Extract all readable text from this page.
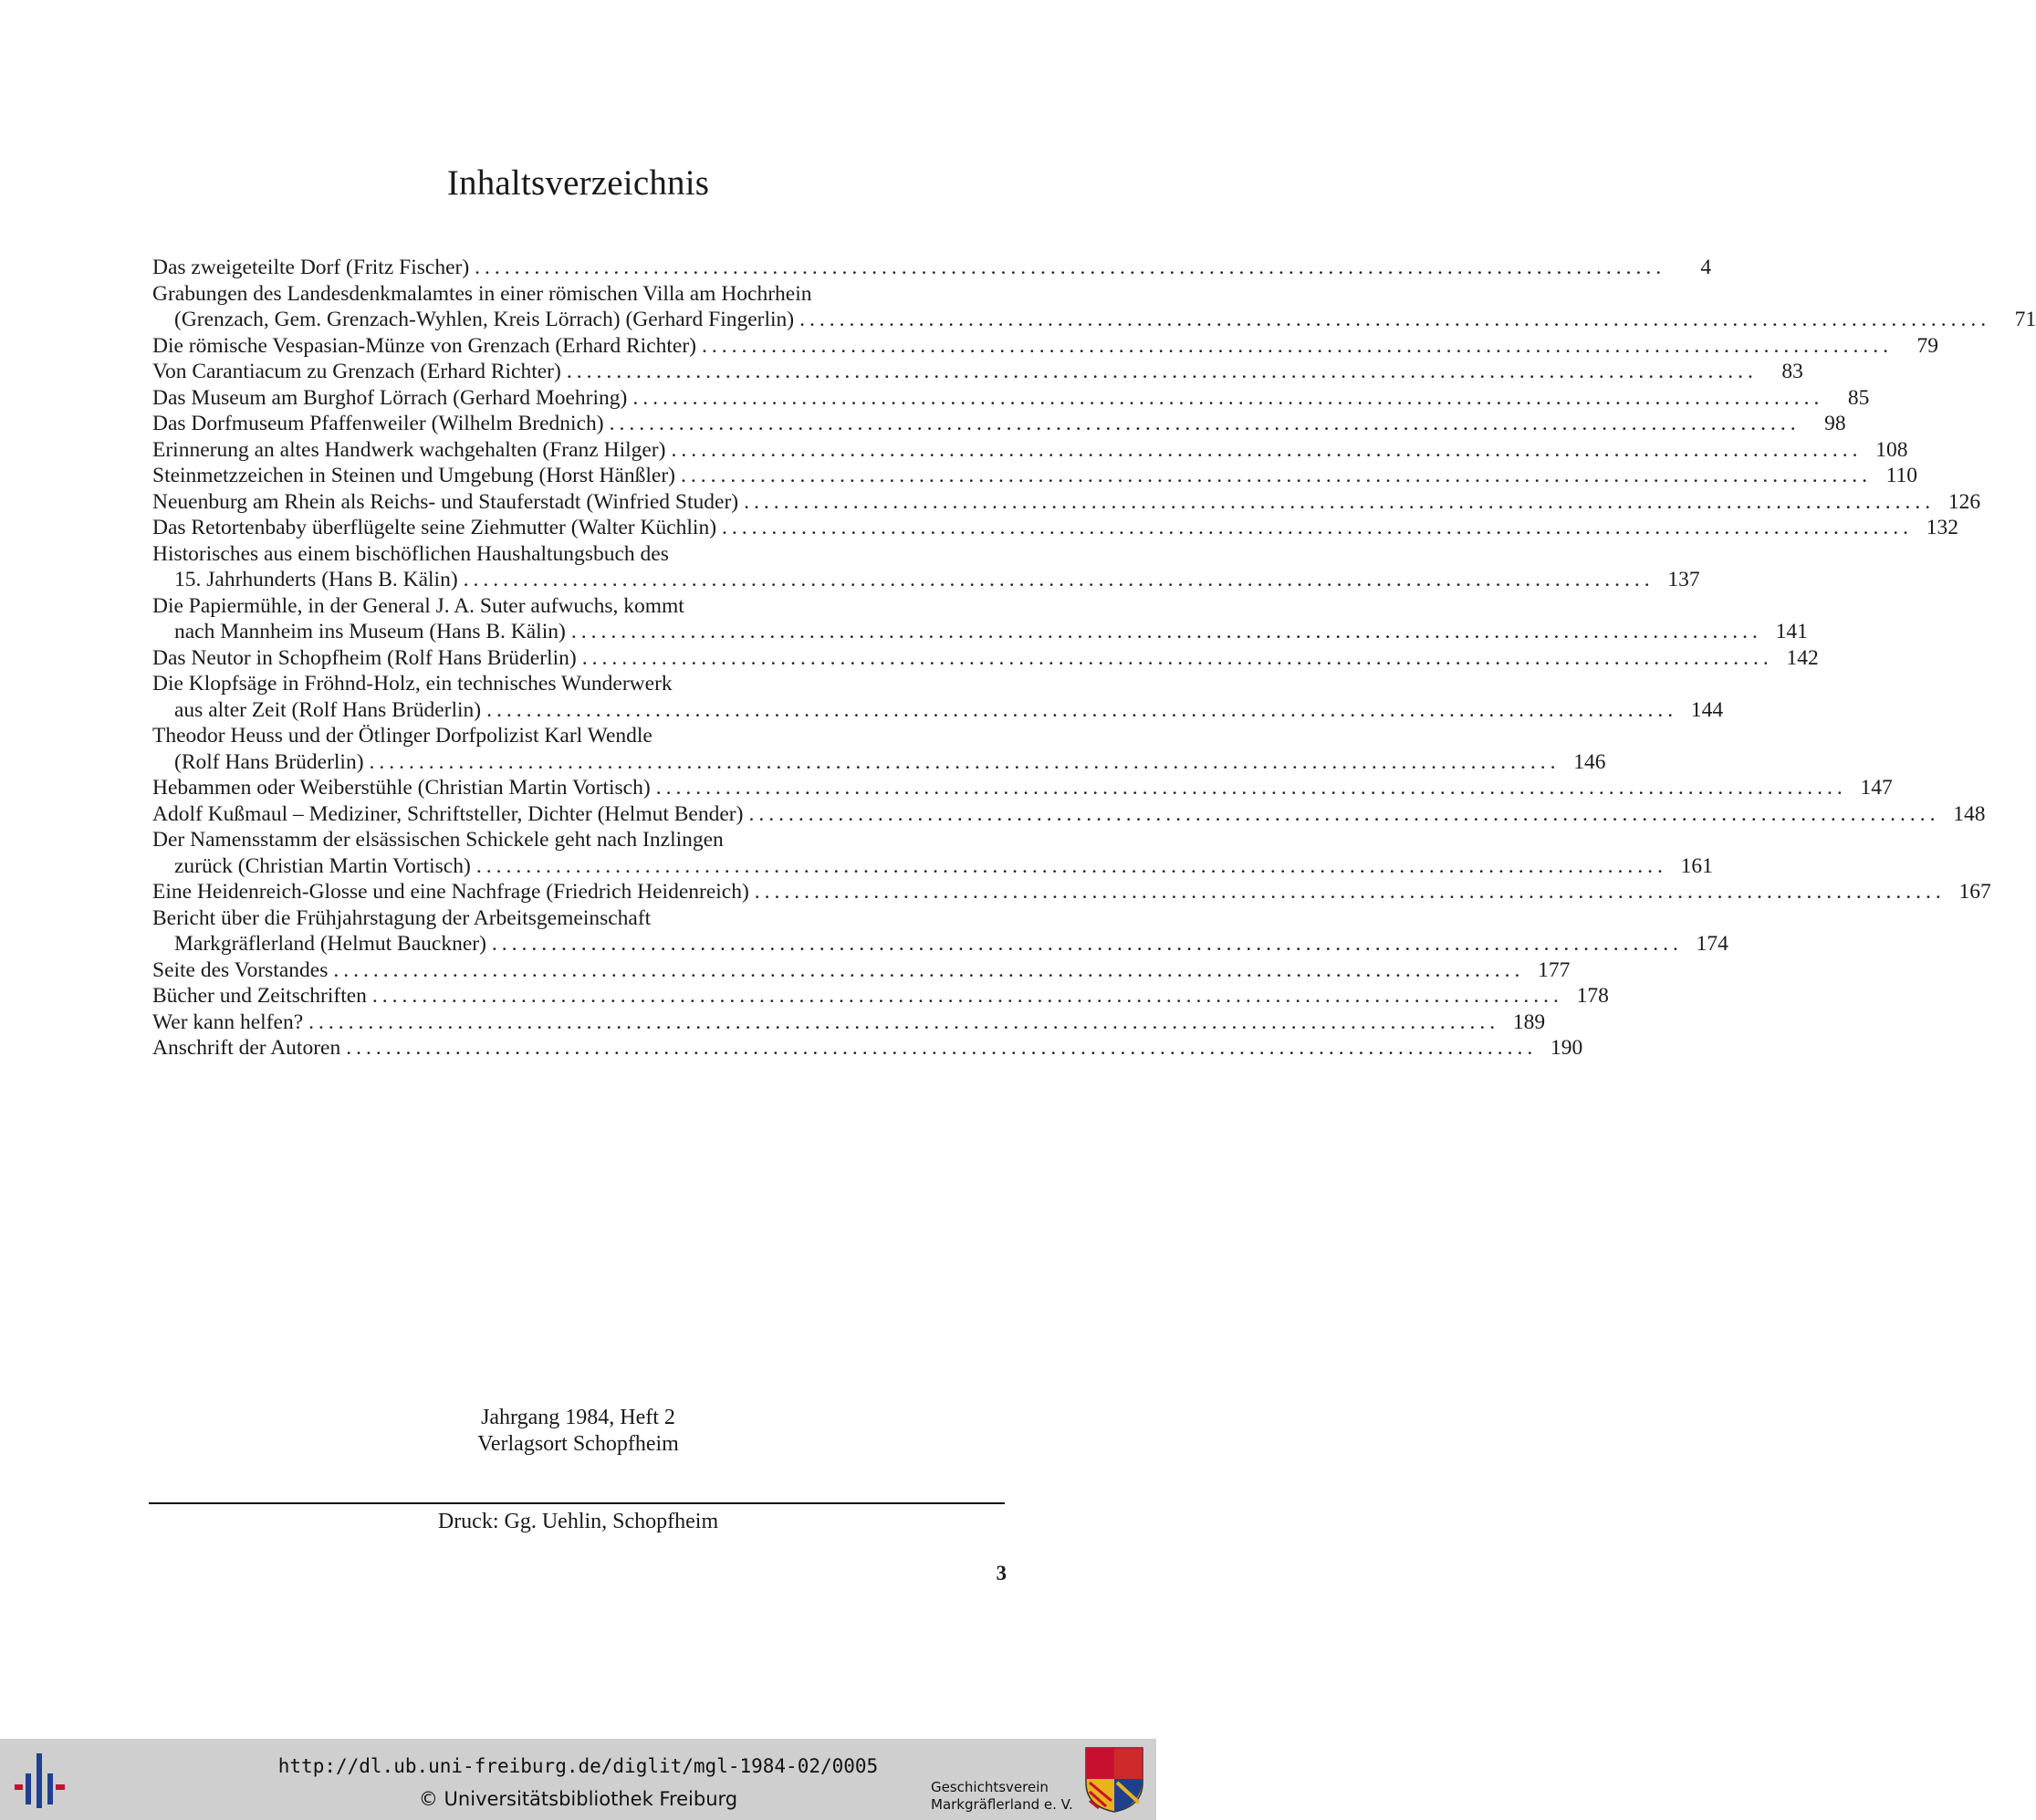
Inhaltsverzeichnis
Das zweigeteilte Dorf (Fritz Fischer) ........................................................................................................................	4
Grabungen des Landesdenkmalamtes in einer römischen Villa am Hochrhein
(Grenzach, Gem. Grenzach-Wyhlen, Kreis Lörrach) (Gerhard Fingerlin) ........................................................................................................................	71
Die römische Vespasian-Münze von Grenzach (Erhard Richter) ........................................................................................................................	79
Von Carantiacum zu Grenzach (Erhard Richter) ........................................................................................................................	83
Das Museum am Burghof Lörrach (Gerhard Moehring) ........................................................................................................................	85
Das Dorfmuseum Pfaffenweiler (Wilhelm Brednich) ........................................................................................................................	98
Erinnerung an altes Handwerk wachgehalten (Franz Hilger) ........................................................................................................................ 108
Steinmetzzeichen in Steinen und Umgebung (Horst Hänßler) ........................................................................................................................ 110
Neuenburg am Rhein als Reichs- und Stauferstadt (Winfried Studer) ........................................................................................................................ 126
Das Retortenbaby überflügelte seine Ziehmutter (Walter Küchlin) ........................................................................................................................ 132
Historisches aus einem bischöflichen Haushaltungsbuch des
15. Jahrhunderts (Hans B. Kälin) ........................................................................................................................ 137
Die Papiermühle, in der General J. A. Suter aufwuchs, kommt
nach Mannheim ins Museum (Hans B. Kälin) ........................................................................................................................ 141
Das Neutor in Schopfheim (Rolf Hans Brüderlin) ........................................................................................................................ 142
Die Klopfsäge in Fröhnd-Holz, ein technisches Wunderwerk
aus alter Zeit (Rolf Hans Brüderlin) ........................................................................................................................ 144
Theodor Heuss und der Ötlinger Dorfpolizist Karl Wendle
(Rolf Hans Brüderlin) ........................................................................................................................ 146
Hebammen oder Weiberstühle (Christian Martin Vortisch) ........................................................................................................................ 147
Adolf Kußmaul – Mediziner, Schriftsteller, Dichter (Helmut Bender) ........................................................................................................................ 148
Der Namensstamm der elsässischen Schickele geht nach Inzlingen
zurück (Christian Martin Vortisch) ........................................................................................................................ 161
Eine Heidenreich-Glosse und eine Nachfrage (Friedrich Heidenreich) ........................................................................................................................ 167
Bericht über die Frühjahrstagung der Arbeitsgemeinschaft
Markgräflerland (Helmut Bauckner) ........................................................................................................................ 174
Seite des Vorstandes ........................................................................................................................ 177
Bücher und Zeitschriften ........................................................................................................................ 178
Wer kann helfen? ........................................................................................................................ 189
Anschrift der Autoren ........................................................................................................................ 190
Jahrgang 1984, Heft 2
Verlagsort Schopfheim
Druck: Gg. Uehlin, Schopfheim
3
http://dl.ub.uni-freiburg.de/diglit/mgl-1984-02/0005
© Universitätsbibliothek Freiburg
Geschichtsverein
Markgräflerland e. V.
